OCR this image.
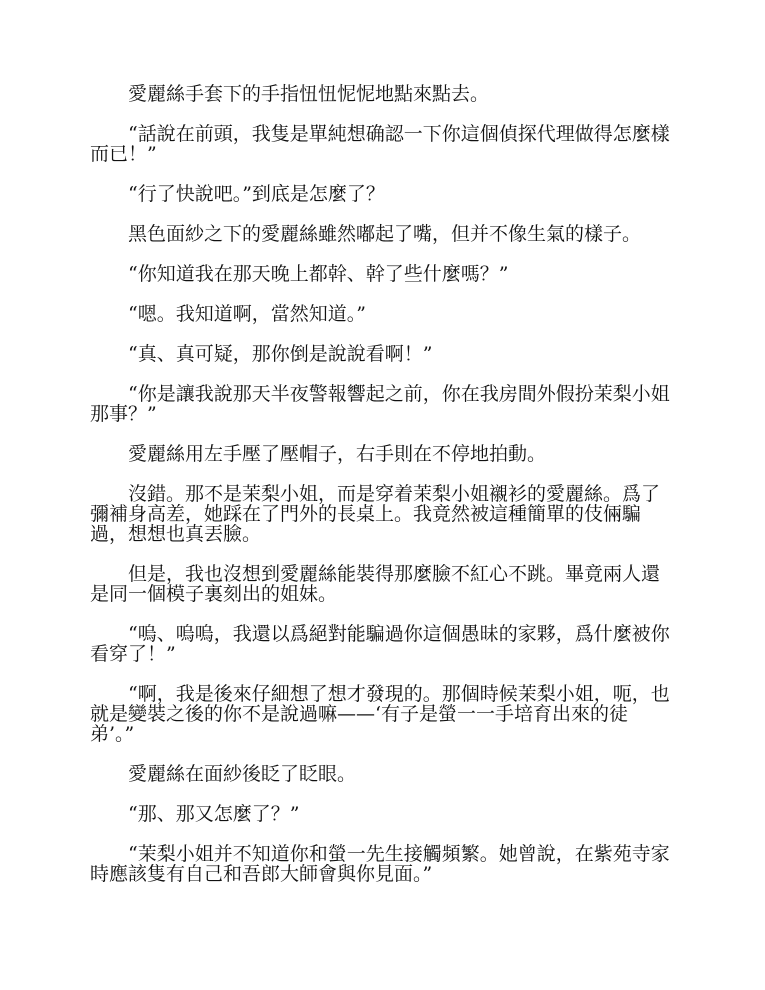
愛麗絲手套下的手指忸忸怩怩地點來點去。

“話說在前頭，我隻是單純想确認一下你這個偵探代理做得怎麼樣而已！”

“行了快說吧。”到底是怎麼了？

黑色面紗之下的愛麗絲雖然嘟起了嘴，但并不像生氣的樣子。

“你知道我在那天晚上都幹、幹了些什麼嗎？”

“嗯。我知道啊，當然知道。”

“真、真可疑，那你倒是說說看啊！”

“你是讓我說那天半夜警報響起之前，你在我房間外假扮茉梨小姐那事？”

愛麗絲用左手壓了壓帽子，右手則在不停地拍動。

沒錯。那不是茉梨小姐，而是穿着茉梨小姐襯衫的愛麗絲。爲了彌補身高差，她踩在了門外的長桌上。我竟然被這種簡單的伎倆騙過，想想也真丟臉。

但是，我也沒想到愛麗絲能裝得那麼臉不紅心不跳。畢竟兩人還是同一個模子裏刻出的姐妹。

“嗚、嗚嗚，我還以爲絕對能騙過你這個愚昧的家夥，爲什麼被你看穿了！”

“啊，我是後來仔細想了想才發現的。那個時候茉梨小姐，呃，也就是變裝之後的你不是說過嘛——‘有子是螢一一手培育出來的徒弟’。”

愛麗絲在面紗後眨了眨眼。

“那、那又怎麼了？”

“茉梨小姐并不知道你和螢一先生接觸頻繁。她曾說，在紫苑寺家時應該隻有自己和吾郎大師會與你見面。”
